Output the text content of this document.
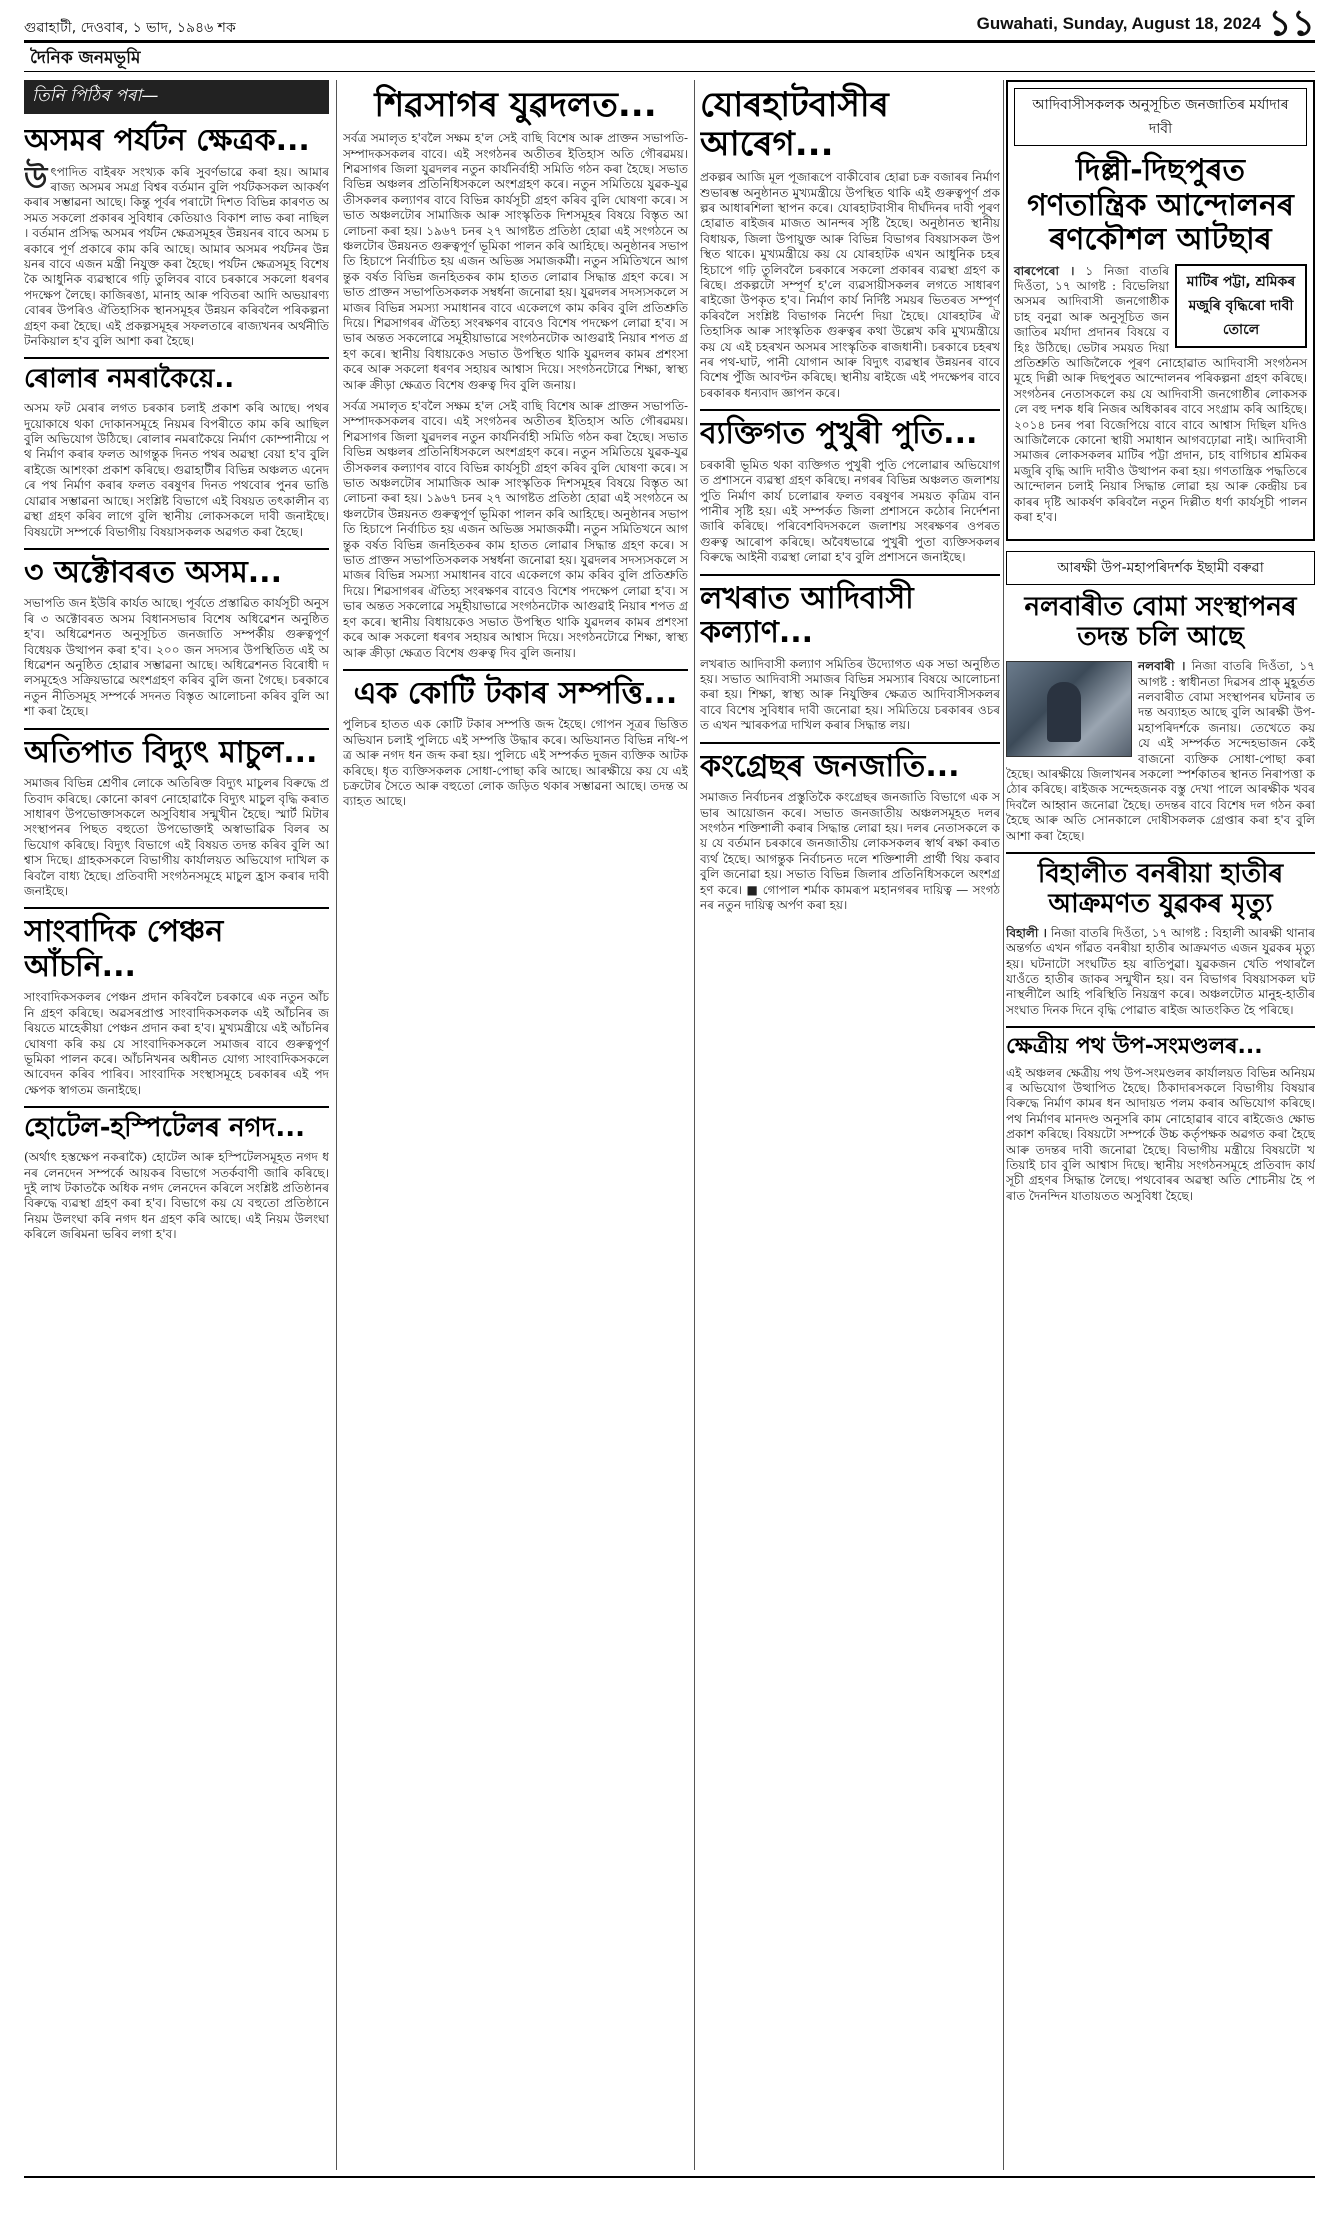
গুৱাহাটী, দেওবাৰ, ১ ভাদ, ১৯৪৬ শক	Guwahati, Sunday, August 18, 2024 ১১
দৈনিক জনমভূমি
তিনি পিঠিৰ পৰা—
অসমৰ পৰ্যটন ক্ষেত্ৰক...

উৎপাদিত বাইৰফ সংখ্যক কৰি সুবৰ্ণভাৱে কৰা হয়। আমাৰ ৰাজ্য অসমৰ সমগ্ৰ বিশ্বৰ বৰ্তমান বুলি পৰ্যটকসকল আকৰ্ষণ কৰাৰ সম্ভাৱনা আছে। কিন্তু পূৰ্বৰ পৰাটো দিশত বিভিন্ন কাৰণত অসমত সকলো প্ৰকাৰৰ সুবিধাৰ কেতিয়াও বিকাশ লাভ কৰা নাছিল। বৰ্তমান প্ৰসিদ্ধ অসমৰ পৰ্যটন ক্ষেত্ৰসমূহৰ উন্নয়নৰ বাবে অসম চৰকাৰে পূৰ্ণ প্ৰকাৰে কাম কৰি আছে। আমাৰ অসমৰ পৰ্যটনৰ উন্নয়নৰ বাবে এজন মন্ত্ৰী নিযুক্ত কৰা হৈছে। পৰ্যটন ক্ষেত্ৰসমূহ বিশেষকৈ আধুনিক ব্যৱস্থাৰে গঢ়ি তুলিবৰ বাবে চৰকাৰে সকলো ধৰণৰ পদক্ষেপ লৈছে। কাজিৰঙা, মানাহ আৰু পবিতৰা আদি অভয়াৰণ্যবোৰৰ উপৰিও ঐতিহাসিক স্থানসমূহৰ উন্নয়ন কৰিবলৈ পৰিকল্পনা গ্ৰহণ কৰা হৈছে। এই প্ৰকল্পসমূহৰ সফলতাৰে ৰাজ্যখনৰ অৰ্থনীতি টনকিয়াল হ'ব বুলি আশা কৰা হৈছে।

ৰোলাৰ নমৰাকৈয়ে..

অসম ফট মেৰাৰ লগত চৰকাৰ চলাই প্ৰকাশ কৰি আছে। পথৰ দুয়োকাষে থকা দোকানসমূহে নিয়মৰ বিপৰীতে কাম কৰি আছিল বুলি অভিযোগ উঠিছে। ৰোলাৰ নমৰাকৈয়ে নিৰ্মাণ কোম্পানীয়ে পথ নিৰ্মাণ কৰাৰ ফলত আগন্তুক দিনত পথৰ অৱস্থা বেয়া হ'ব বুলি ৰাইজে আশংকা প্ৰকাশ কৰিছে। গুৱাহাটীৰ বিভিন্ন অঞ্চলত এনেদৰে পথ নিৰ্মাণ কৰাৰ ফলত বৰষুণৰ দিনত পথবোৰ পুনৰ ভাঙি যোৱাৰ সম্ভাৱনা আছে। সংশ্লিষ্ট বিভাগে এই বিষয়ত তৎকালীন ব্যৱস্থা গ্ৰহণ কৰিব লাগে বুলি স্থানীয় লোকসকলে দাবী জনাইছে। বিষয়টো সম্পৰ্কে বিভাগীয় বিষয়াসকলক অৱগত কৰা হৈছে।

৩ অক্টোবৰত অসম...

সভাপতি জন ইউৰি কাৰ্যত আছে। পূৰ্বতে প্ৰস্তাৱিত কাৰ্যসূচী অনুসৰি ৩ অক্টোবৰত অসম বিধানসভাৰ বিশেষ অধিৱেশন অনুষ্ঠিত হ'ব। অধিৱেশনত অনুসূচিত জনজাতি সম্পৰ্কীয় গুৰুত্বপূৰ্ণ বিধেয়ক উত্থাপন কৰা হ'ব। ২০০ জন সদস্যৰ উপস্থিতিত এই অধিৱেশন অনুষ্ঠিত হোৱাৰ সম্ভাৱনা আছে। অধিৱেশনত বিৰোধী দলসমূহেও সক্ৰিয়ভাৱে অংশগ্ৰহণ কৰিব বুলি জনা গৈছে। চৰকাৰে নতুন নীতিসমূহ সম্পৰ্কে সদনত বিস্তৃত আলোচনা কৰিব বুলি আশা কৰা হৈছে।

অতিপাত বিদ্যুৎ মাচুল...

সমাজৰ বিভিন্ন শ্ৰেণীৰ লোকে অতিৰিক্ত বিদ্যুৎ মাচুলৰ বিৰুদ্ধে প্ৰতিবাদ কৰিছে। কোনো কাৰণ নোহোৱাকৈ বিদ্যুৎ মাচুল বৃদ্ধি কৰাত সাধাৰণ উপভোক্তাসকলে অসুবিধাৰ সন্মুখীন হৈছে। স্মাৰ্ট মিটাৰ সংস্থাপনৰ পিছত বহুতো উপভোক্তাই অস্বাভাৱিক বিলৰ অভিযোগ কৰিছে। বিদ্যুৎ বিভাগে এই বিষয়ত তদন্ত কৰিব বুলি আশ্বাস দিছে। গ্ৰাহকসকলে বিভাগীয় কাৰ্যালয়ত অভিযোগ দাখিল কৰিবলৈ বাধ্য হৈছে। প্ৰতিবাদী সংগঠনসমূহে মাচুল হ্ৰাস কৰাৰ দাবী জনাইছে।

সাংবাদিক পেঞ্চন আঁচনি...

সাংবাদিকসকলৰ পেঞ্চন প্ৰদান কৰিবলৈ চৰকাৰে এক নতুন আঁচনি গ্ৰহণ কৰিছে। অৱসৰপ্ৰাপ্ত সাংবাদিকসকলক এই আঁচনিৰ জৰিয়তে মাহেকীয়া পেঞ্চন প্ৰদান কৰা হ'ব। মুখ্যমন্ত্ৰীয়ে এই আঁচনিৰ ঘোষণা কৰি কয় যে সাংবাদিকসকলে সমাজৰ বাবে গুৰুত্বপূৰ্ণ ভূমিকা পালন কৰে। আঁচনিখনৰ অধীনত যোগ্য সাংবাদিকসকলে আবেদন কৰিব পাৰিব। সাংবাদিক সংস্থাসমূহে চৰকাৰৰ এই পদক্ষেপক স্বাগতম জনাইছে।

হোটেল-হস্পিটেলৰ নগদ...

(অৰ্থাৎ হস্তক্ষেপ নকৰাকৈ) হোটেল আৰু হস্পিটেলসমূহত নগদ ধনৰ লেনদেন সম্পৰ্কে আয়কৰ বিভাগে সতৰ্কবাণী জাৰি কৰিছে। দুই লাখ টকাতকৈ অধিক নগদ লেনদেন কৰিলে সংশ্লিষ্ট প্ৰতিষ্ঠানৰ বিৰুদ্ধে ব্যৱস্থা গ্ৰহণ কৰা হ'ব। বিভাগে কয় যে বহুতো প্ৰতিষ্ঠানে নিয়ম উলংঘা কৰি নগদ ধন গ্ৰহণ কৰি আছে। এই নিয়ম উলংঘা কৰিলে জৰিমনা ভৰিব লগা হ'ব।

শিৱসাগৰ যুৱদলত...

সৰ্বত্ৰ সমালৃত হ'বলৈ সক্ষম হ'ল সেই বাছি বিশেষ আৰু প্ৰাক্তন সভাপতি-সম্পাদকসকলৰ বাবে। এই সংগঠনৰ অতীতৰ ইতিহাস অতি গৌৰৱময়। শিৱসাগৰ জিলা যুৱদলৰ নতুন কাৰ্যনিৰ্বাহী সমিতি গঠন কৰা হৈছে। সভাত বিভিন্ন অঞ্চলৰ প্ৰতিনিধিসকলে অংশগ্ৰহণ কৰে। নতুন সমিতিয়ে যুৱক-যুৱতীসকলৰ কল্যাণৰ বাবে বিভিন্ন কাৰ্যসূচী গ্ৰহণ কৰিব বুলি ঘোষণা কৰে। সভাত অঞ্চলটোৰ সামাজিক আৰু সাংস্কৃতিক দিশসমূহৰ বিষয়ে বিস্তৃত আলোচনা কৰা হয়। ১৯৬৭ চনৰ ২৭ আগষ্টত প্ৰতিষ্ঠা হোৱা এই সংগঠনে অঞ্চলটোৰ উন্নয়নত গুৰুত্বপূৰ্ণ ভূমিকা পালন কৰি আহিছে। অনুষ্ঠানৰ সভাপতি হিচাপে নিৰ্বাচিত হয় এজন অভিজ্ঞ সমাজকৰ্মী। নতুন সমিতিখনে আগন্তুক বৰ্ষত বিভিন্ন জনহিতকৰ কাম হাতত লোৱাৰ সিদ্ধান্ত গ্ৰহণ কৰে। সভাত প্ৰাক্তন সভাপতিসকলক সম্বৰ্ধনা জনোৱা হয়। যুৱদলৰ সদস্যসকলে সমাজৰ বিভিন্ন সমস্যা সমাধানৰ বাবে একেলগে কাম কৰিব বুলি প্ৰতিশ্ৰুতি দিয়ে। শিৱসাগৰৰ ঐতিহ্য সংৰক্ষণৰ বাবেও বিশেষ পদক্ষেপ লোৱা হ'ব। সভাৰ অন্তত সকলোৱে সমূহীয়াভাৱে সংগঠনটোক আগুৱাই নিয়াৰ শপত গ্ৰহণ কৰে। স্থানীয় বিধায়কেও সভাত উপস্থিত থাকি যুৱদলৰ কামৰ প্ৰশংসা কৰে আৰু সকলো ধৰণৰ সহায়ৰ আশ্বাস দিয়ে। সংগঠনটোৱে শিক্ষা, স্বাস্থ্য আৰু ক্ৰীড়া ক্ষেত্ৰত বিশেষ গুৰুত্ব দিব বুলি জনায়।

সৰ্বত্ৰ সমালৃত হ'বলৈ সক্ষম হ'ল সেই বাছি বিশেষ আৰু প্ৰাক্তন সভাপতি-সম্পাদকসকলৰ বাবে। এই সংগঠনৰ অতীতৰ ইতিহাস অতি গৌৰৱময়। শিৱসাগৰ জিলা যুৱদলৰ নতুন কাৰ্যনিৰ্বাহী সমিতি গঠন কৰা হৈছে। সভাত বিভিন্ন অঞ্চলৰ প্ৰতিনিধিসকলে অংশগ্ৰহণ কৰে। নতুন সমিতিয়ে যুৱক-যুৱতীসকলৰ কল্যাণৰ বাবে বিভিন্ন কাৰ্যসূচী গ্ৰহণ কৰিব বুলি ঘোষণা কৰে। সভাত অঞ্চলটোৰ সামাজিক আৰু সাংস্কৃতিক দিশসমূহৰ বিষয়ে বিস্তৃত আলোচনা কৰা হয়। ১৯৬৭ চনৰ ২৭ আগষ্টত প্ৰতিষ্ঠা হোৱা এই সংগঠনে অঞ্চলটোৰ উন্নয়নত গুৰুত্বপূৰ্ণ ভূমিকা পালন কৰি আহিছে। অনুষ্ঠানৰ সভাপতি হিচাপে নিৰ্বাচিত হয় এজন অভিজ্ঞ সমাজকৰ্মী। নতুন সমিতিখনে আগন্তুক বৰ্ষত বিভিন্ন জনহিতকৰ কাম হাতত লোৱাৰ সিদ্ধান্ত গ্ৰহণ কৰে। সভাত প্ৰাক্তন সভাপতিসকলক সম্বৰ্ধনা জনোৱা হয়। যুৱদলৰ সদস্যসকলে সমাজৰ বিভিন্ন সমস্যা সমাধানৰ বাবে একেলগে কাম কৰিব বুলি প্ৰতিশ্ৰুতি দিয়ে। শিৱসাগৰৰ ঐতিহ্য সংৰক্ষণৰ বাবেও বিশেষ পদক্ষেপ লোৱা হ'ব। সভাৰ অন্তত সকলোৱে সমূহীয়াভাৱে সংগঠনটোক আগুৱাই নিয়াৰ শপত গ্ৰহণ কৰে। স্থানীয় বিধায়কেও সভাত উপস্থিত থাকি যুৱদলৰ কামৰ প্ৰশংসা কৰে আৰু সকলো ধৰণৰ সহায়ৰ আশ্বাস দিয়ে। সংগঠনটোৱে শিক্ষা, স্বাস্থ্য আৰু ক্ৰীড়া ক্ষেত্ৰত বিশেষ গুৰুত্ব দিব বুলি জনায়।

এক কোটি টকাৰ সম্পত্তি...

পুলিচৰ হাতত এক কোটি টকাৰ সম্পত্তি জব্দ হৈছে। গোপন সূত্ৰৰ ভিত্তিত অভিযান চলাই পুলিচে এই সম্পত্তি উদ্ধাৰ কৰে। অভিযানত বিভিন্ন নথি-পত্ৰ আৰু নগদ ধন জব্দ কৰা হয়। পুলিচে এই সম্পৰ্কত দুজন ব্যক্তিক আটক কৰিছে। ধৃত ব্যক্তিসকলক সোধা-পোছা কৰি আছে। আৰক্ষীয়ে কয় যে এই চক্ৰটোৰ সৈতে আৰু বহুতো লোক জড়িত থকাৰ সম্ভাৱনা আছে। তদন্ত অব্যাহত আছে।

যোৰহাটবাসীৰ আৰেগ...

প্ৰকল্পৰ আজি মূল পূজাৰূপে বাকীবোৰ হোৱা চক্ৰ বজাৰৰ নিৰ্মাণ শুভাৰম্ভ অনুষ্ঠানত মুখ্যমন্ত্ৰীয়ে উপস্থিত থাকি এই গুৰুত্বপূৰ্ণ প্ৰকল্পৰ আধাৰশিলা স্থাপন কৰে। যোৰহাটবাসীৰ দীৰ্ঘদিনৰ দাবী পূৰণ হোৱাত ৰাইজৰ মাজত আনন্দৰ সৃষ্টি হৈছে। অনুষ্ঠানত স্থানীয় বিধায়ক, জিলা উপায়ুক্ত আৰু বিভিন্ন বিভাগৰ বিষয়াসকল উপস্থিত থাকে। মুখ্যমন্ত্ৰীয়ে কয় যে যোৰহাটক এখন আধুনিক চহৰ হিচাপে গঢ়ি তুলিবলৈ চৰকাৰে সকলো প্ৰকাৰৰ ব্যৱস্থা গ্ৰহণ কৰিছে। প্ৰকল্পটো সম্পূৰ্ণ হ'লে ব্যৱসায়ীসকলৰ লগতে সাধাৰণ ৰাইজো উপকৃত হ'ব। নিৰ্মাণ কাৰ্য নিৰ্দিষ্ট সময়ৰ ভিতৰত সম্পূৰ্ণ কৰিবলৈ সংশ্লিষ্ট বিভাগক নিৰ্দেশ দিয়া হৈছে। যোৰহাটৰ ঐতিহাসিক আৰু সাংস্কৃতিক গুৰুত্বৰ কথা উল্লেখ কৰি মুখ্যমন্ত্ৰীয়ে কয় যে এই চহৰখন অসমৰ সাংস্কৃতিক ৰাজধানী। চৰকাৰে চহৰখনৰ পথ-ঘাট, পানী যোগান আৰু বিদ্যুৎ ব্যৱস্থাৰ উন্নয়নৰ বাবে বিশেষ পুঁজি আবণ্টন কৰিছে। স্থানীয় ৰাইজে এই পদক্ষেপৰ বাবে চৰকাৰক ধন্যবাদ জ্ঞাপন কৰে।

ব্যক্তিগত পুখুৰী পুতি...

চৰকাৰী ভূমিত থকা ব্যক্তিগত পুখুৰী পুতি পেলোৱাৰ অভিযোগত প্ৰশাসনে ব্যৱস্থা গ্ৰহণ কৰিছে। নগৰৰ বিভিন্ন অঞ্চলত জলাশয় পুতি নিৰ্মাণ কাৰ্য চলোৱাৰ ফলত বৰষুণৰ সময়ত কৃত্ৰিম বানপানীৰ সৃষ্টি হয়। এই সম্পৰ্কত জিলা প্ৰশাসনে কঠোৰ নিৰ্দেশনা জাৰি কৰিছে। পৰিবেশবিদসকলে জলাশয় সংৰক্ষণৰ ওপৰত গুৰুত্ব আৰোপ কৰিছে। অবৈধভাৱে পুখুৰী পুতা ব্যক্তিসকলৰ বিৰুদ্ধে আইনী ব্যৱস্থা লোৱা হ'ব বুলি প্ৰশাসনে জনাইছে।

লখৰাত আদিবাসী কল্যাণ...

লখৰাত আদিবাসী কল্যাণ সমিতিৰ উদ্যোগত এক সভা অনুষ্ঠিত হয়। সভাত আদিবাসী সমাজৰ বিভিন্ন সমস্যাৰ বিষয়ে আলোচনা কৰা হয়। শিক্ষা, স্বাস্থ্য আৰু নিযুক্তিৰ ক্ষেত্ৰত আদিবাসীসকলৰ বাবে বিশেষ সুবিধাৰ দাবী জনোৱা হয়। সমিতিয়ে চৰকাৰৰ ওচৰত এখন স্মাৰকপত্ৰ দাখিল কৰাৰ সিদ্ধান্ত লয়।

কংগ্ৰেছৰ জনজাতি...

সমাজত নিৰ্বাচনৰ প্ৰস্তুতিকৈ কংগ্ৰেছৰ জনজাতি বিভাগে এক সভাৰ আয়োজন কৰে। সভাত জনজাতীয় অঞ্চলসমূহত দলৰ সংগঠন শক্তিশালী কৰাৰ সিদ্ধান্ত লোৱা হয়। দলৰ নেতাসকলে কয় যে বৰ্তমান চৰকাৰে জনজাতীয় লোকসকলৰ স্বাৰ্থ ৰক্ষা কৰাত ব্যৰ্থ হৈছে। আগন্তুক নিৰ্বাচনত দলে শক্তিশালী প্ৰাৰ্থী থিয় কৰাব বুলি জনোৱা হয়। সভাত বিভিন্ন জিলাৰ প্ৰতিনিধিসকলে অংশগ্ৰহণ কৰে। ■ গোপাল শৰ্মাক কামৰূপ মহানগৰৰ দায়িত্ব — সংগঠনৰ নতুন দায়িত্ব অৰ্পণ কৰা হয়।

আদিবাসীসকলক অনুসূচিত জনজাতিৰ মৰ্যাদাৰ দাবী
দিল্লী-দিছপুৰত গণতান্ত্ৰিক আন্দোলনৰ ৰণকৌশল আটছাৰ
মাটিৰ পট্টা, শ্ৰমিকৰ মজুৰি বৃদ্ধিৰো দাবী তোলে

বাৰপেৰো । ১ নিজা বাতৰি দিওঁতা, ১৭ আগষ্ট : বিভেলিয়া অসমৰ আদিবাসী জনগোষ্ঠীক চাহ বনুৱা আৰু অনুসূচিত জনজাতিৰ মৰ্যাদা প্ৰদানৰ বিষয়ে বহিঃ উঠিছে। ভেটাৰ সময়ত দিয়া প্ৰতিশ্ৰুতি আজিলৈকে পূৰণ নোহোৱাত আদিবাসী সংগঠনসমূহে দিল্লী আৰু দিছপুৰত আন্দোলনৰ পৰিকল্পনা গ্ৰহণ কৰিছে। সংগঠনৰ নেতাসকলে কয় যে আদিবাসী জনগোষ্ঠীৰ লোকসকলে বহু দশক ধৰি নিজৰ অধিকাৰৰ বাবে সংগ্ৰাম কৰি আহিছে। ২০১৪ চনৰ পৰা বিজেপিয়ে বাবে বাবে আশ্বাস দিছিল যদিও আজিলৈকে কোনো স্থায়ী সমাধান আগবঢ়োৱা নাই। আদিবাসী সমাজৰ লোকসকলৰ মাটিৰ পট্টা প্ৰদান, চাহ বাগিচাৰ শ্ৰমিকৰ মজুৰি বৃদ্ধি আদি দাবীও উত্থাপন কৰা হয়। গণতান্ত্ৰিক পদ্ধতিৰে আন্দোলন চলাই নিয়াৰ সিদ্ধান্ত লোৱা হয় আৰু কেন্দ্ৰীয় চৰকাৰৰ দৃষ্টি আকৰ্ষণ কৰিবলৈ নতুন দিল্লীত ধৰ্ণা কাৰ্যসূচী পালন কৰা হ'ব।

আৰক্ষী উপ-মহাপৰিদৰ্শক ইছামী বৰুৱা
নলবাৰীত বোমা সংস্থাপনৰ তদন্ত চলি আছে

নলবাৰী । নিজা বাতৰি দিওঁতা, ১৭ আগষ্ট : স্বাধীনতা দিৱসৰ প্ৰাক্ মুহূৰ্তত নলবাৰীত বোমা সংস্থাপনৰ ঘটনাৰ তদন্ত অব্যাহত আছে বুলি আৰক্ষী উপ-মহাপৰিদৰ্শকে জনায়। তেখেতে কয় যে এই সম্পৰ্কত সন্দেহভাজন কেইবাজনো ব্যক্তিক সোধা-পোছা কৰা হৈছে। আৰক্ষীয়ে জিলাখনৰ সকলো স্পৰ্শকাতৰ স্থানত নিৰাপত্তা কঠোৰ কৰিছে। ৰাইজক সন্দেহজনক বস্তু দেখা পালে আৰক্ষীক খবৰ দিবলৈ আহ্বান জনোৱা হৈছে। তদন্তৰ বাবে বিশেষ দল গঠন কৰা হৈছে আৰু অতি সোনকালে দোষীসকলক গ্ৰেপ্তাৰ কৰা হ'ব বুলি আশা কৰা হৈছে।

বিহালীত বনৰীয়া হাতীৰ আক্ৰমণত যুৱকৰ মৃত্যু

বিহালী । নিজা বাতৰি দিওঁতা, ১৭ আগষ্ট : বিহালী আৰক্ষী থানাৰ অন্তৰ্গত এখন গাঁৱত বনৰীয়া হাতীৰ আক্ৰমণত এজন যুৱকৰ মৃত্যু হয়। ঘটনাটো সংঘটিত হয় ৰাতিপুৱা। যুৱকজন খেতি পথাৰলৈ যাওঁতে হাতীৰ জাকৰ সন্মুখীন হয়। বন বিভাগৰ বিষয়াসকল ঘটনাস্থলীলৈ আহি পৰিস্থিতি নিয়ন্ত্ৰণ কৰে। অঞ্চলটোত মানুহ-হাতীৰ সংঘাত দিনক দিনে বৃদ্ধি পোৱাত ৰাইজ আতংকিত হৈ পৰিছে।

ক্ষেত্ৰীয় পথ উপ-সংমণ্ডলৰ...

এই অঞ্চলৰ ক্ষেত্ৰীয় পথ উপ-সংমণ্ডলৰ কাৰ্যালয়ত বিভিন্ন অনিয়মৰ অভিযোগ উত্থাপিত হৈছে। ঠিকাদাৰসকলে বিভাগীয় বিষয়াৰ বিৰুদ্ধে নিৰ্মাণ কামৰ ধন আদায়ত পলম কৰাৰ অভিযোগ কৰিছে। পথ নিৰ্মাণৰ মানদণ্ড অনুসৰি কাম নোহোৱাৰ বাবে ৰাইজেও ক্ষোভ প্ৰকাশ কৰিছে। বিষয়টো সম্পৰ্কে উচ্চ কৰ্তৃপক্ষক অৱগত কৰা হৈছে আৰু তদন্তৰ দাবী জনোৱা হৈছে। বিভাগীয় মন্ত্ৰীয়ে বিষয়টো খতিয়াই চাব বুলি আশ্বাস দিছে। স্থানীয় সংগঠনসমূহে প্ৰতিবাদ কাৰ্যসূচী গ্ৰহণৰ সিদ্ধান্ত লৈছে। পথবোৰৰ অৱস্থা অতি শোচনীয় হৈ পৰাত দৈনন্দিন যাতায়তত অসুবিধা হৈছে।
